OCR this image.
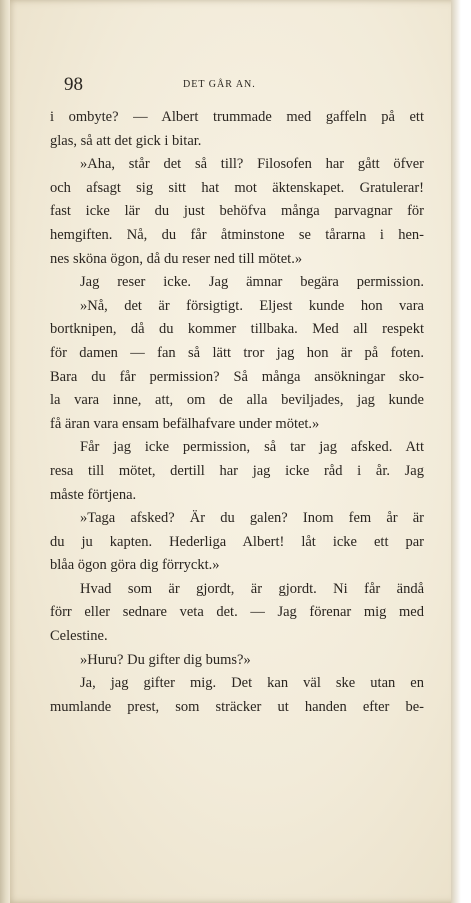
98	DET GÅR AN.
i ombyte? — Albert trummade med gaffeln på ett
glas, så att det gick i bitar.
»Aha, står det så till? Filosofen har gått öfver
och afsagt sig sitt hat mot äktenskapet. Gratulerar!
fast icke lär du just behöfva många parvagnar för
hemgiften. Nå, du får åtminstone se tårarna i hen-
nes sköna ögon, då du reser ned till mötet.»
Jag reser icke. Jag ämnar begära permission.
»Nå, det är försigtigt. Eljest kunde hon vara
bortknipen, då du kommer tillbaka. Med all respekt
för damen — fan så lätt tror jag hon är på foten.
Bara du får permission? Så många ansökningar sko-
la vara inne, att, om de alla beviljades, jag kunde
få äran vara ensam befälhafvare under mötet.»
Får jag icke permission, så tar jag afsked. Att
resa till mötet, dertill har jag icke råd i år. Jag
måste förtjena.
»Taga afsked? Är du galen? Inom fem år är
du ju kapten. Hederliga Albert! låt icke ett par
blåa ögon göra dig förryckt.»
Hvad som är gjordt, är gjordt. Ni får ändå
förr eller sednare veta det. — Jag förenar mig med
Celestine.
»Huru? Du gifter dig bums?»
Ja, jag gifter mig. Det kan väl ske utan en
mumlande prest, som sträcker ut handen efter be-
